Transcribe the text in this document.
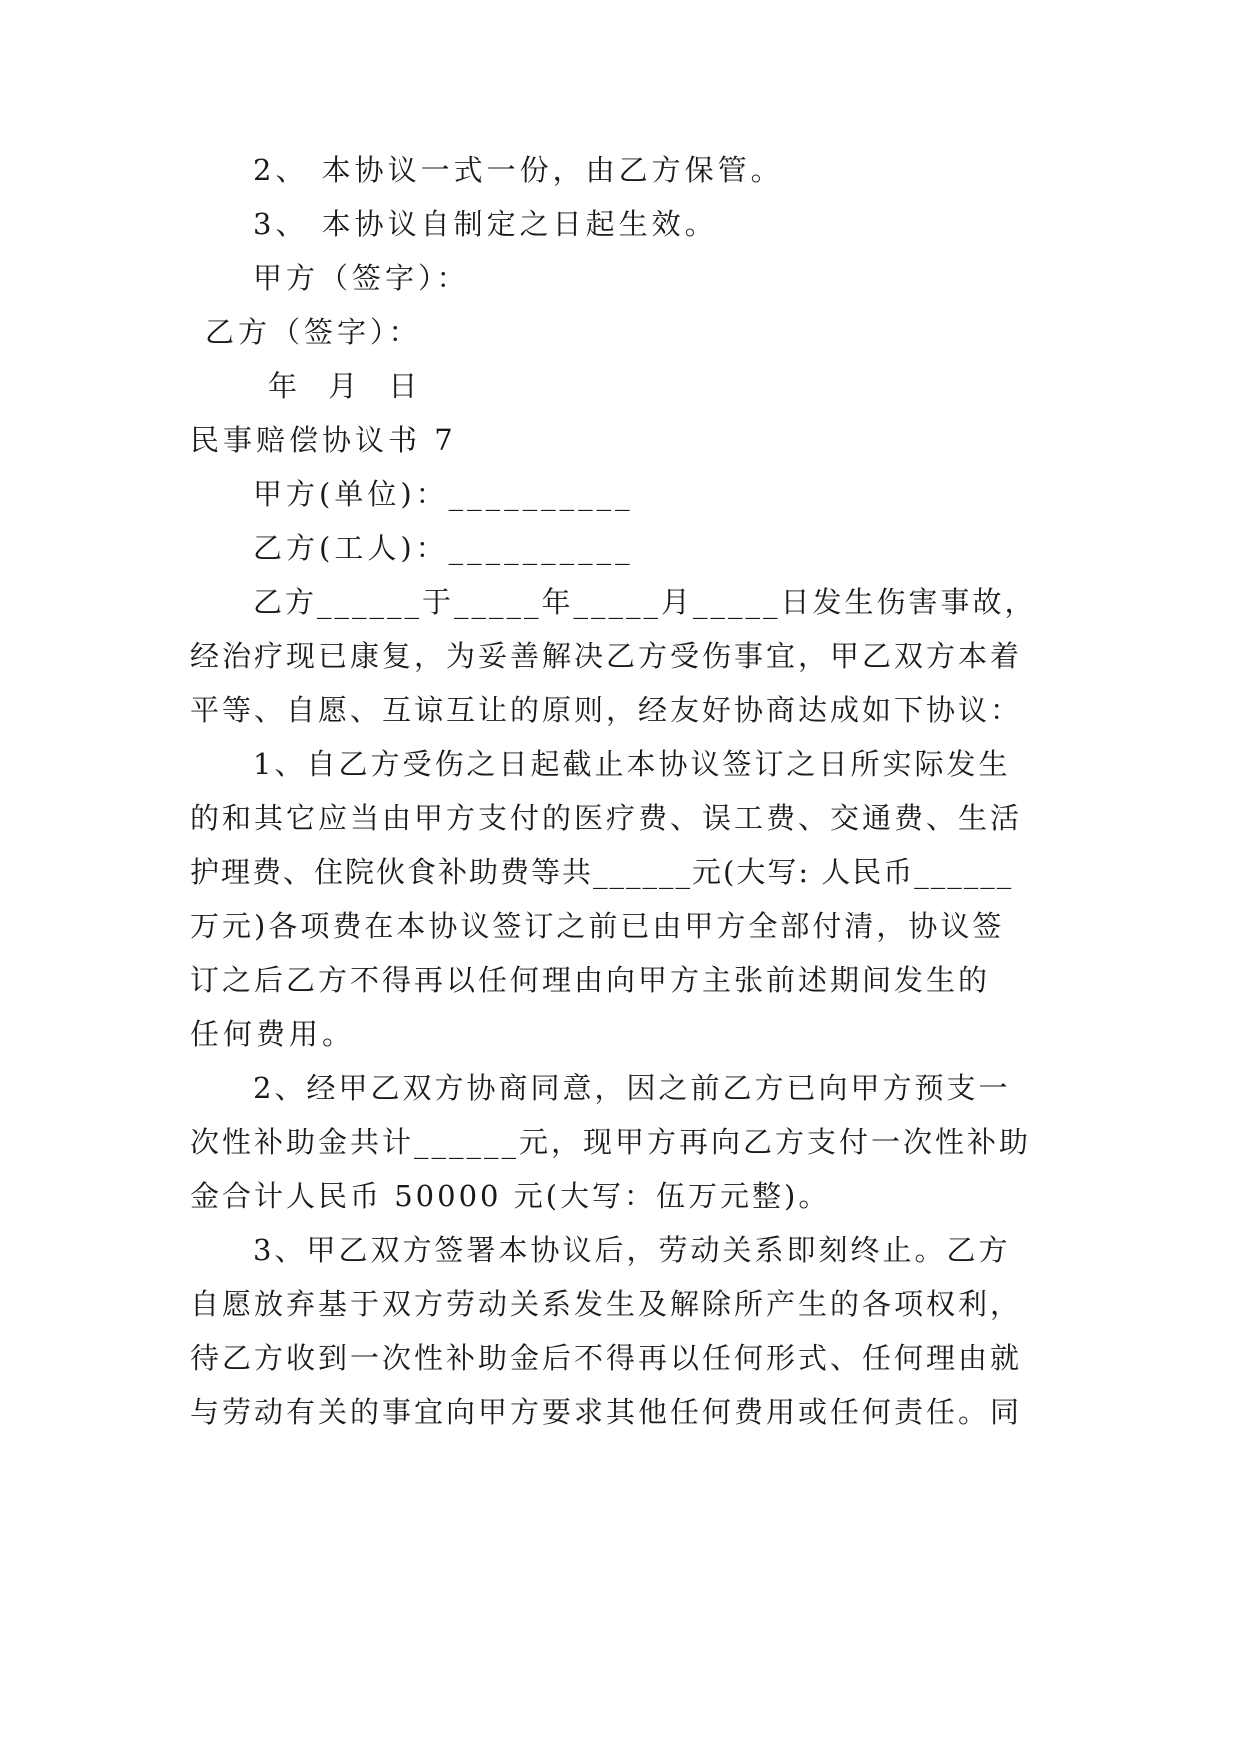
2、 本协议一式一份，由乙方保管。

3、 本协议自制定之日起生效。

甲方（签字）：

乙方（签字）：

年 月 日

民事赔偿协议书 7

甲方(单位)：__________

乙方(工人)：__________

乙方______于_____年_____月_____日发生伤害事故，

经治疗现已康复，为妥善解决乙方受伤事宜，甲乙双方本着

平等、自愿、互谅互让的原则，经友好协商达成如下协议：

1、自乙方受伤之日起截止本协议签订之日所实际发生

的和其它应当由甲方支付的医疗费、误工费、交通费、生活

护理费、住院伙食补助费等共______元(大写: 人民币______

万元)各项费在本协议签订之前已由甲方全部付清，协议签

订之后乙方不得再以任何理由向甲方主张前述期间发生的

任何费用。

2、经甲乙双方协商同意，因之前乙方已向甲方预支一

次性补助金共计______元，现甲方再向乙方支付一次性补助

金合计人民币 50000 元(大写：伍万元整)。

3、甲乙双方签署本协议后，劳动关系即刻终止。乙方

自愿放弃基于双方劳动关系发生及解除所产生的各项权利，

待乙方收到一次性补助金后不得再以任何形式、任何理由就

与劳动有关的事宜向甲方要求其他任何费用或任何责任。同
